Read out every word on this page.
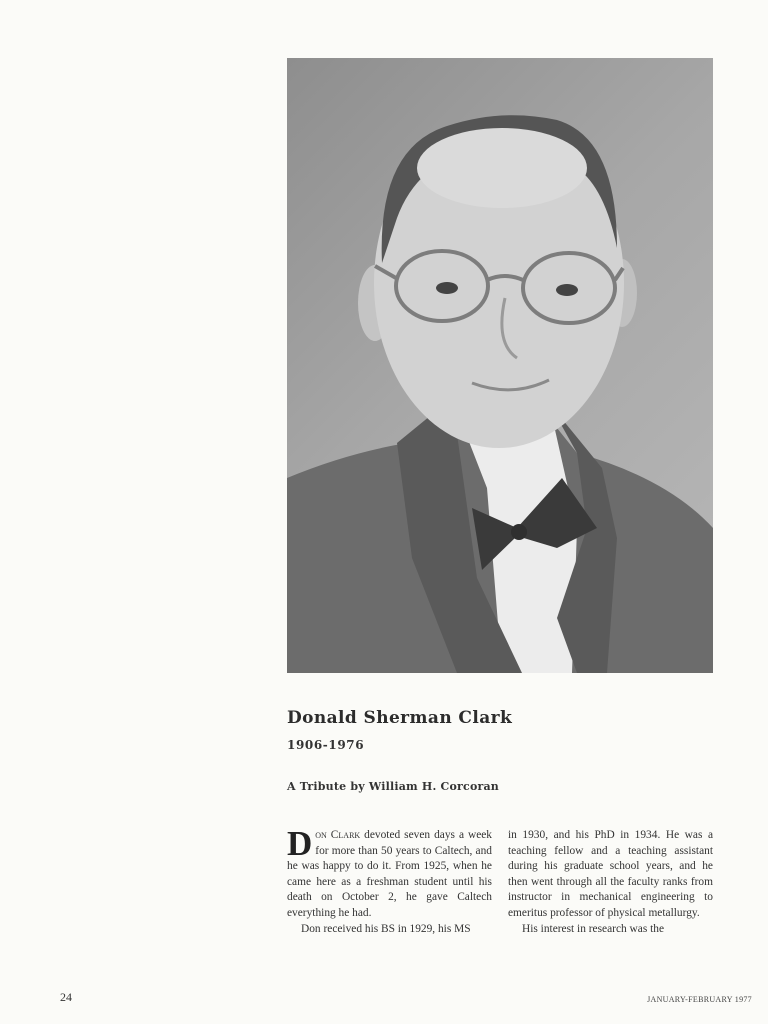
Donald Sherman Clark
1906-1976
A Tribute by William H. Corcoran

Don Clark devoted seven days a week for more than 50 years to Caltech, and he was happy to do it. From 1925, when he came here as a freshman student until his death on October 2, he gave Caltech everything he had.

Don received his BS in 1929, his MS

in 1930, and his PhD in 1934. He was a teaching fellow and a teaching assistant during his graduate school years, and he then went through all the faculty ranks from instructor in mechanical engineering to emeritus professor of physical metallurgy.

His interest in research was the

24	JANUARY-FEBRUARY 1977
